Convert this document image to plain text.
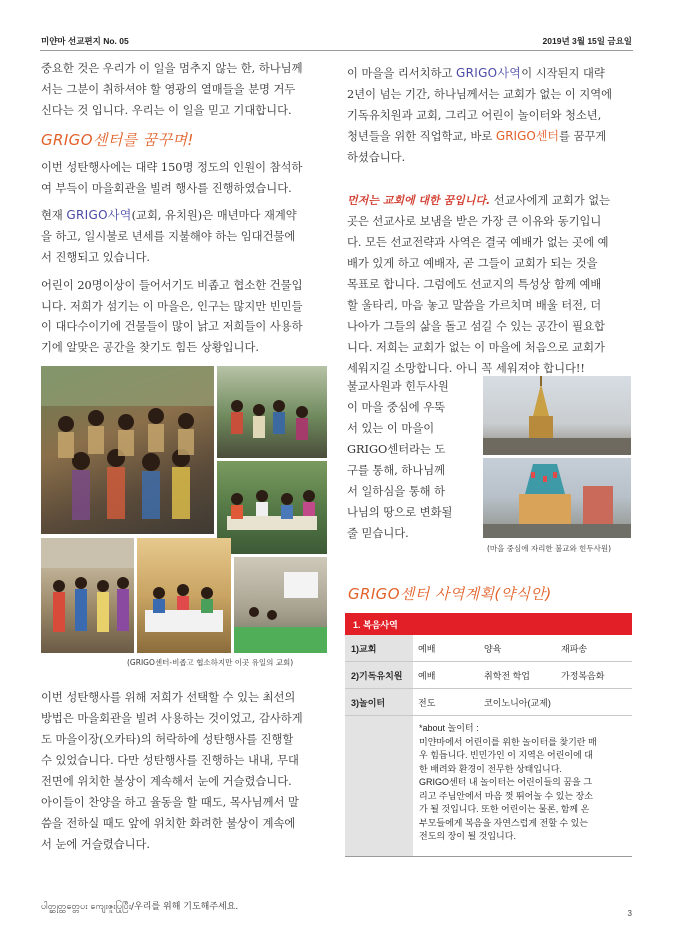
미얀마 선교편지 No. 05	2019년 3월 15일 금요일

중요한 것은 우리가 이 일을 멈추지 않는 한, 하나님께
서는 그분이 취하셔야 할 영광의 열매들을 분명 거두
신다는 것 입니다. 우리는 이 일을 믿고 기대합니다.

GRIGO센터를 꿈꾸며!

이번 성탄행사에는 대략 150명 정도의 인원이 참석하
여 부득이 마을회관을 빌려 행사를 진행하였습니다.

현재 GRIGO사역(교회, 유치원)은 매년마다 재계약
을 하고, 일시불로 년세를 지불해야 하는 임대건물에
서 진행되고 있습니다.

어린이 20명이상이 들어서기도 비좁고 협소한 건물입
니다. 저희가 섬기는 이 마을은, 인구는 많지만 빈민들
이 대다수이기에 건물들이 많이 낡고 저희들이 사용하
기에 알맞은 공간을 찾기도 힘든 상황입니다.

(GRIGO센터-비좁고 협소하지만 이곳 유일의 교회)

이번 성탄행사를 위해 저희가 선택할 수 있는 최선의
방법은 마을회관을 빌려 사용하는 것이었고, 감사하게
도 마을이장(오카타)의 허락하에 성탄행사를 진행할
수 있었습니다. 다만 성탄행사를 진행하는 내내, 무대
전면에 위치한 불상이 계속해서 눈에 거슬렸습니다.
아이들이 찬양을 하고 율동을 할 때도, 목사님께서 말
씀을 전하실 때도 앞에 위치한 화려한 불상이 계속에
서 눈에 거슬렸습니다.

이 마을을 리서치하고 GRIGO사역이 시작된지 대략
2년이 넘는 기간, 하나님께서는 교회가 없는 이 지역에
기독유치원과 교회, 그리고 어린이 놀이터와 청소년,
청년들을 위한 직업학교, 바로 GRIGO센터를 꿈꾸게
하셨습니다.

먼저는 교회에 대한 꿈입니다. 선교사에게 교회가 없는
곳은 선교사로 보냄을 받은 가장 큰 이유와 동기입니
다. 모든 선교전략과 사역은 결국 예배가 없는 곳에 예
배가 있게 하고 예배자, 곧 그들이 교회가 되는 것을
목표로 합니다. 그럼에도 선교지의 특성상 함께 예배
할 울타리, 마음 놓고 말씀을 가르치며 배울 터전, 더
나아가 그들의 삶을 돌고 섬길 수 있는 공간이 필요합
니다. 저희는 교회가 없는 이 마을에 처음으로 교회가
세워지길 소망합니다. 아니 꼭 세워져야 합니다!!

불교사원과 힌두사원
이 마을 중심에 우뚝
서 있는 이 마을이
GRIGO센터라는 도
구를 통해, 하나님께
서 일하심을 통해 하
나님의 땅으로 변화될
줄 믿습니다.

(마을 중심에 자리한 불교와 힌두사원)
GRIGO센터 사역계획(약식안)
1. 복음사역
1)교회	예배	양육	재파송
2)기독유치원	예배	취학전 학업	가정복음화
3)놀이터	전도	코이노니아(교제)
*about 놀이터 :
미얀마에서 어린이를 위한 놀이터를 찾기란 매
우 힘듭니다. 빈민가인 이 지역은 어린이에 대
한 배려와 환경이 전무한 상태입니다.
GRIGO센터 내 놀이터는 어린이들의 꿈을 그
리고 주님안에서 마음 껏 뛰어놀 수 있는 장소
가 될 것입니다. 또한 어린이는 물론, 함께 온
부모들에게 복음을 자연스럽게 전할 수 있는
전도의 장이 될 것입니다.
ပါတ္ဆုတ္ထတ္တေပး ကျေးဇူးပြုပြီး/우리를 위해 기도해주세요.
3
